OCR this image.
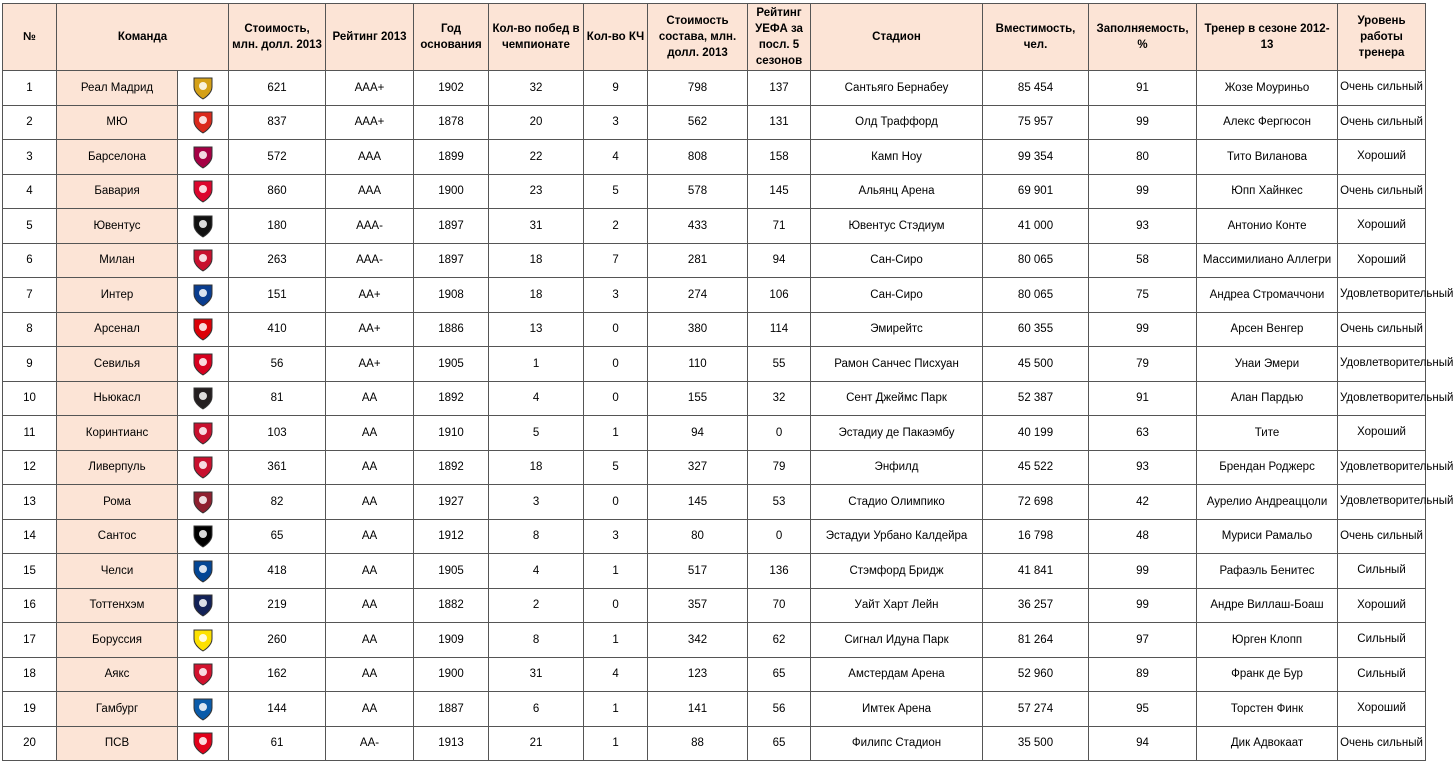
№	Команда		Стоимость, млн. долл. 2013	Рейтинг 2013	Год основания	Кол-во побед в чемпионате	Кол-во КЧ	Стоимость состава, млн. долл. 2013	Рейтинг УЕФА за посл. 5 сезонов	Стадион	Вместимость, чел.	Заполняемость, %	Тренер в сезоне 2012-13	Уровень работы тренера
1	Реал Мадрид		621	AAA+	1902	32	9	798	137	Сантьяго Бернабеу	85 454	91	Жозе Моуриньо	Очень сильный
2	МЮ		837	AAA+	1878	20	3	562	131	Олд Траффорд	75 957	99	Алекс Фергюсон	Очень сильный
3	Барселона		572	AAA	1899	22	4	808	158	Камп Ноу	99 354	80	Тито Виланова	Хороший
4	Бавария		860	AAA	1900	23	5	578	145	Альянц Арена	69 901	99	Юпп Хайнкес	Очень сильный
5	Ювентус		180	AAA-	1897	31	2	433	71	Ювентус Стэдиум	41 000	93	Антонио Конте	Хороший
6	Милан		263	AAA-	1897	18	7	281	94	Сан-Сиро	80 065	58	Массимилиано Аллегри	Хороший
7	Интер		151	AA+	1908	18	3	274	106	Сан-Сиро	80 065	75	Андреа Стромаччони	Удовлетворительный
8	Арсенал		410	AA+	1886	13	0	380	114	Эмирейтс	60 355	99	Арсен Венгер	Очень сильный
9	Севилья		56	AA+	1905	1	0	110	55	Рамон Санчес Писхуан	45 500	79	Унаи Эмери	Удовлетворительный
10	Ньюкасл		81	AA	1892	4	0	155	32	Сент Джеймс Парк	52 387	91	Алан Пардью	Удовлетворительный
11	Коринтианс		103	AA	1910	5	1	94	0	Эстадиу де Пакаэмбу	40 199	63	Тите	Хороший
12	Ливерпуль		361	AA	1892	18	5	327	79	Энфилд	45 522	93	Брендан Роджерс	Удовлетворительный
13	Рома		82	AA	1927	3	0	145	53	Стадио Олимпико	72 698	42	Аурелио Андреаццоли	Удовлетворительный
14	Сантос		65	AA	1912	8	3	80	0	Эстадуи Урбано Калдейра	16 798	48	Муриси Рамальо	Очень сильный
15	Челси		418	AA	1905	4	1	517	136	Стэмфорд Бридж	41 841	99	Рафаэль Бенитес	Сильный
16	Тоттенхэм		219	AA	1882	2	0	357	70	Уайт Харт Лейн	36 257	99	Андре Виллаш-Боаш	Хороший
17	Боруссия		260	AA	1909	8	1	342	62	Сигнал Идуна Парк	81 264	97	Юрген Клопп	Сильный
18	Аякс		162	AA	1900	31	4	123	65	Амстердам Арена	52 960	89	Франк де Бур	Сильный
19	Гамбург		144	AA	1887	6	1	141	56	Имтек Арена	57 274	95	Торстен Финк	Хороший
20	ПСВ		61	AA-	1913	21	1	88	65	Филипс Стадион	35 500	94	Дик Адвокаат	Очень сильный
